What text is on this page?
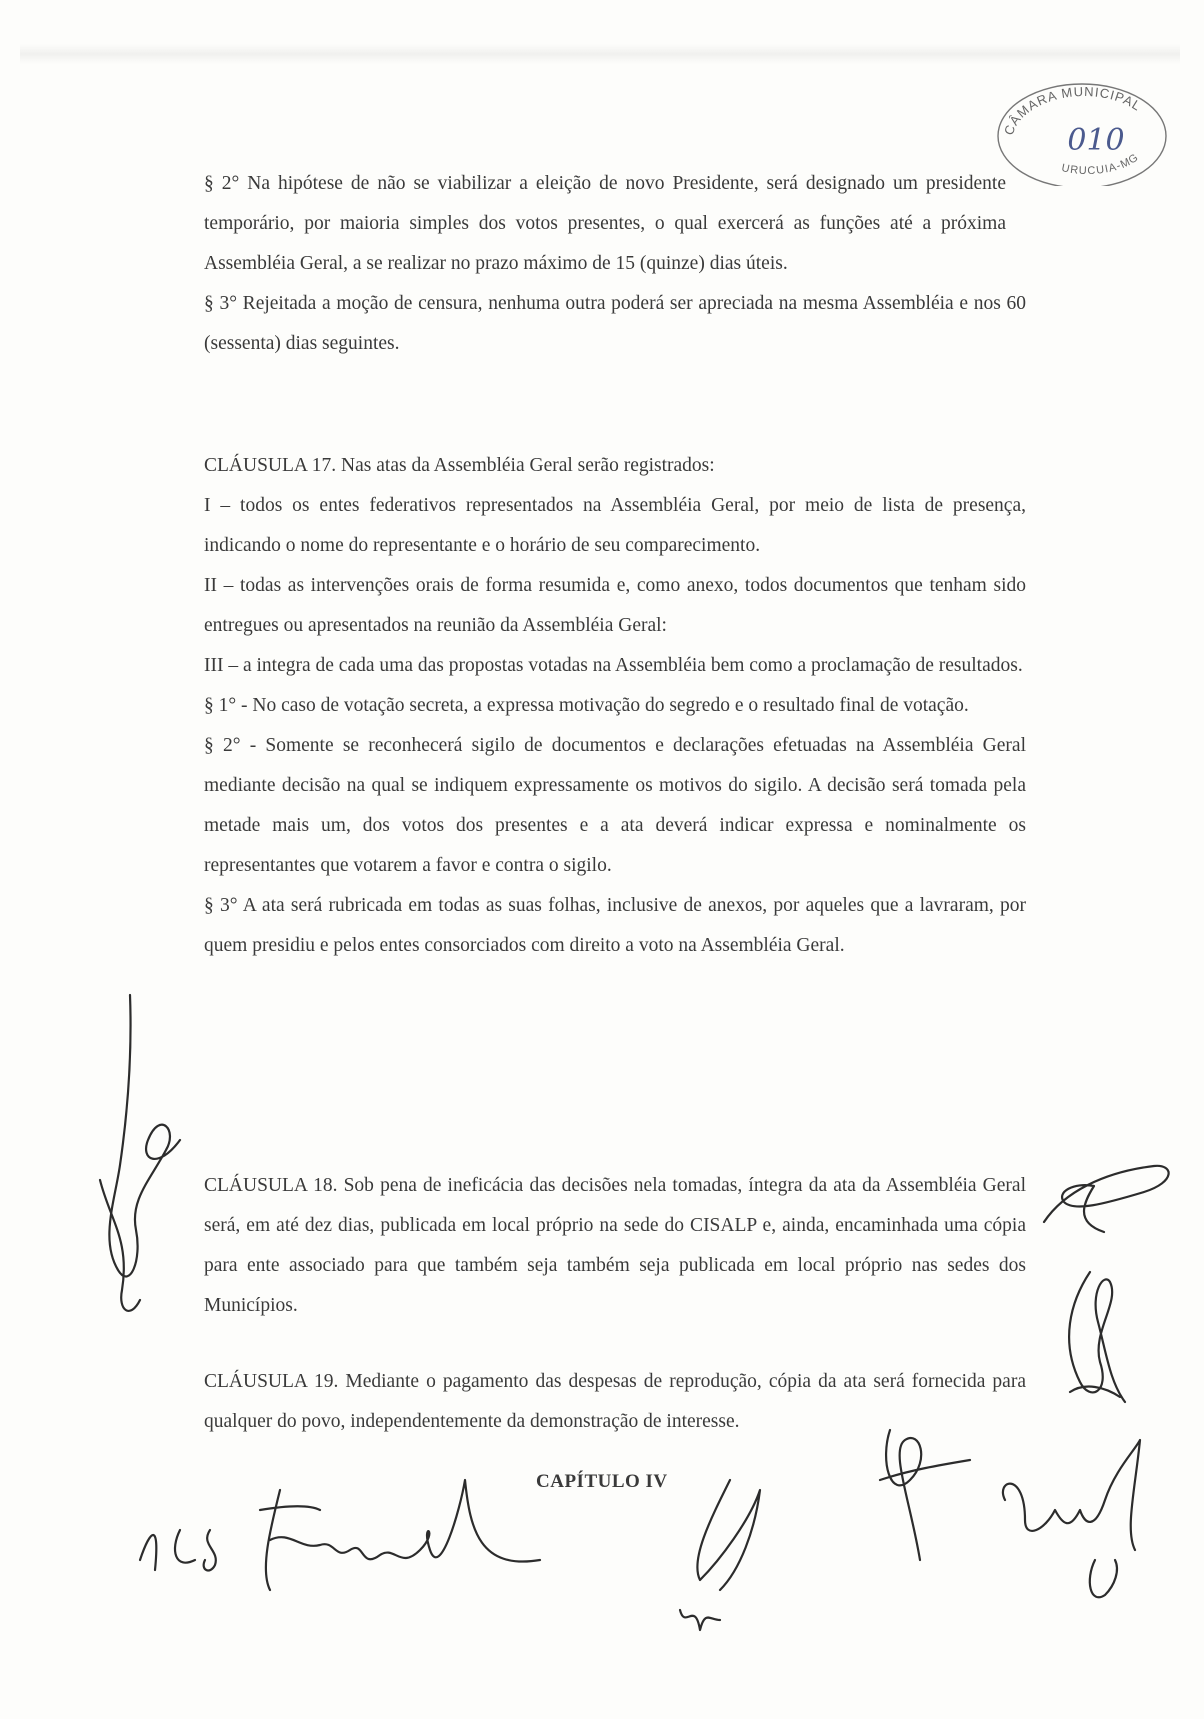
CÂMARA MUNICIPAL
010
URUCUIA-MG

§ 2° Na hipótese de não se viabilizar a eleição de novo Presidente, será designado um presidente temporário, por maioria simples dos votos presentes, o qual exercerá as funções até a próxima Assembléia Geral, a se realizar no prazo máximo de 15 (quinze) dias úteis.

§ 3° Rejeitada a moção de censura, nenhuma outra poderá ser apreciada na mesma Assembléia e nos 60 (sessenta) dias seguintes.

CLÁUSULA 17. Nas atas da Assembléia Geral serão registrados:

I – todos os entes federativos representados na Assembléia Geral, por meio de lista de presença, indicando o nome do representante e o horário de seu comparecimento.

II – todas as intervenções orais de forma resumida e, como anexo, todos documentos que tenham sido entregues ou apresentados na reunião da Assembléia Geral:

III – a integra de cada uma das propostas votadas na Assembléia bem como a proclamação de resultados.

§ 1° - No caso de votação secreta, a expressa motivação do segredo e o resultado final de votação.

§ 2° - Somente se reconhecerá sigilo de documentos e declarações efetuadas na Assembléia Geral mediante decisão na qual se indiquem expressamente os motivos do sigilo. A decisão será tomada pela metade mais um, dos votos dos presentes e a ata deverá indicar expressa e nominalmente os representantes que votarem a favor e contra o sigilo.

§ 3° A ata será rubricada em todas as suas folhas, inclusive de anexos, por aqueles que a lavraram, por quem presidiu e pelos entes consorciados com direito a voto na Assembléia Geral.

CLÁUSULA 18. Sob pena de ineficácia das decisões nela tomadas, íntegra da ata da Assembléia Geral será, em até dez dias, publicada em local próprio na sede do CISALP e, ainda, encaminhada uma cópia para ente associado para que também seja também seja publicada em local próprio nas sedes dos Municípios.

CLÁUSULA 19. Mediante o pagamento das despesas de reprodução, cópia da ata será fornecida para qualquer do povo, independentemente da demonstração de interesse.

CAPÍTULO IV
